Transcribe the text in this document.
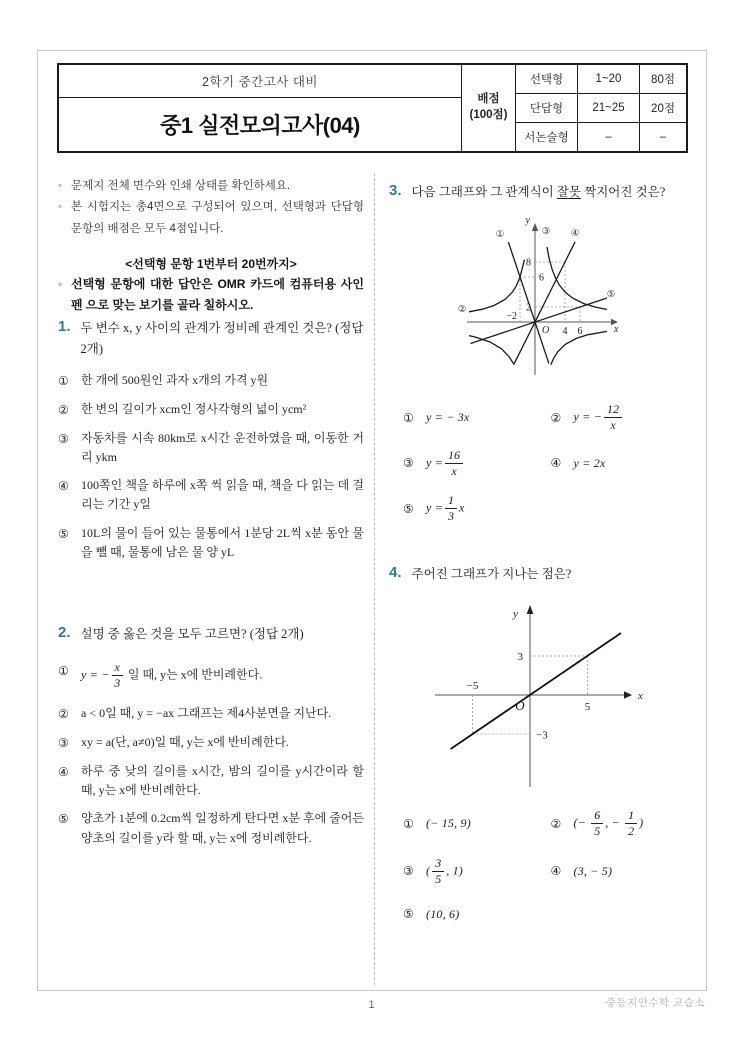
2학기 중간고사 대비
중1 실전모의고사(04)
배점
(100점)
선택형	1~20	80점
단답형	21~25	20점
서논술형	–	–
◦ 문제지 전체 면수와 인쇄 상태를 확인하세요.
◦ 본 시험지는 총4면으로 구성되어 있으며, 선택형과 단답형 문항의 배점은 모두 4점입니다.
<선택형 문항 1번부터 20번까지>
◦ 선택형 문항에 대한 답안은 OMR 카드에 컴퓨터용 사인펜 으로 맞는 보기를 골라 칠하시오.
1. 두 변수 x, y 사이의 관계가 정비례 관계인 것은? (정답 2개)
①	한 개에 500원인 과자 x개의 가격 y원
②	한 변의 길이가 xcm인 정사각형의 넓이 ycm²
③	자동차를 시속 80km로 x시간 운전하였을 때, 이동한 거리 ykm
④	100쪽인 책을 하루에 x쪽 씩 읽을 때, 책을 다 읽는 데 걸리는 기간 y일
⑤	10L의 물이 들어 있는 물통에서 1분당 2L씩 x분 동안 물을 뺄 때, 물통에 남은 물 양 yL
2. 설명 중 옳은 것을 모두 고르면? (정답 2개)
①	y = − $\frac{x}{3}$ 일 때, y는 x에 반비례한다.
②	a < 0일 때, y = −ax 그래프는 제4사분면을 지난다.
③	xy = a(단, a≠0)일 때, y는 x에 반비례한다.
④	하루 중 낮의 길이를 x시간, 밤의 길이를 y시간이라 할 때, y는 x에 반비례한다.
⑤	양초가 1분에 0.2cm씩 일정하게 탄다면 x분 후에 줄어든 양초의 길이를 y라 할 때, y는 x에 정비례한다.
3. 다음 그래프와 그 관계식이 잘못 짝지어진 것은?
8
6
2
−2
4 6
O	x
y
①
②
③ ④
⑤
①	y = − 3x	②	y = − $\frac{12}{x}$
③	$y = \frac{16}{x}$	④	y = 2x
⑤	$y = \frac{1}{3}$ x
4. 주어진 그래프가 지나는 점은?
3
−3
5
−5
O
x
y
①	(− 15, 9)	②	(− $\frac{6}{5}$ , − $\frac{1}{2}$ )
③	( $\frac{3}{5}$ , 1)	④	(3, − 5)
⑤	(10, 6)
1	중등지안수학 교습소
